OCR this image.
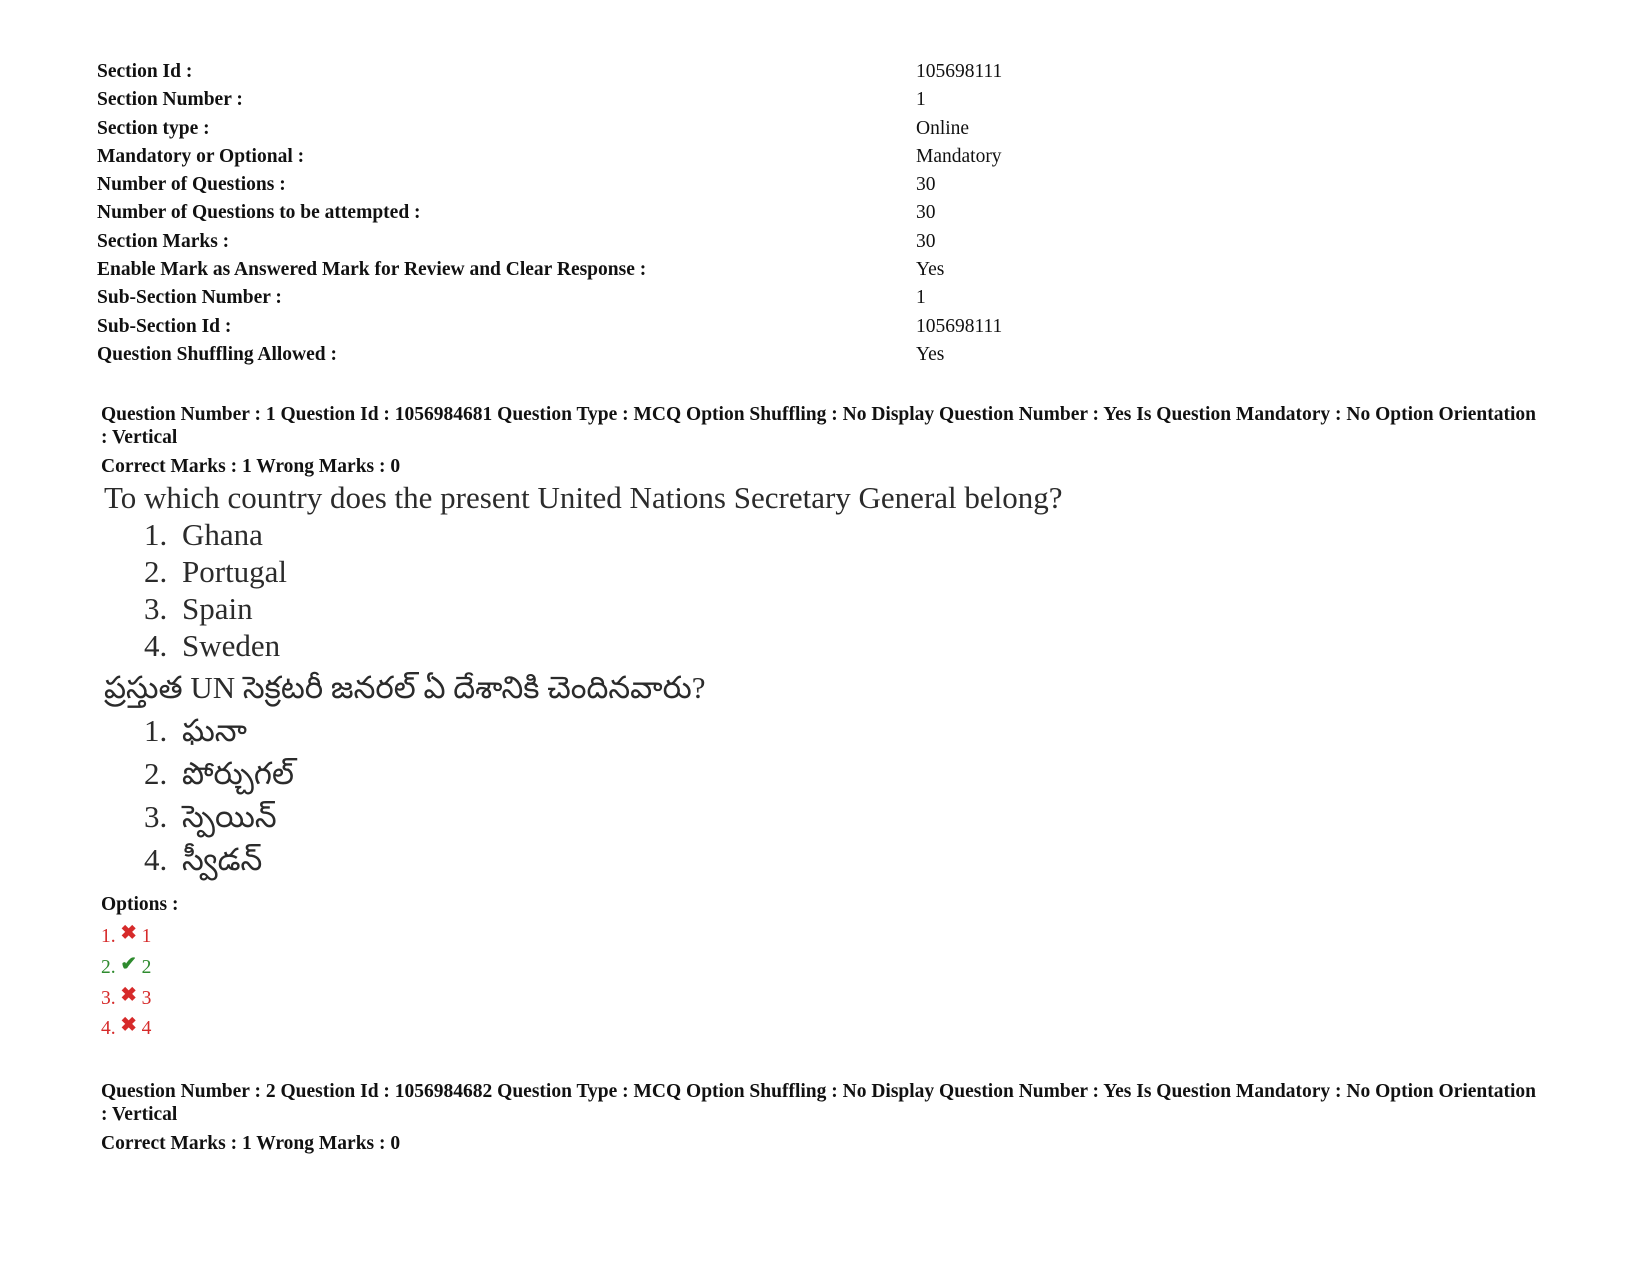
Section Id :	105698111
Section Number :	1
Section type :	Online
Mandatory or Optional :	Mandatory
Number of Questions :	30
Number of Questions to be attempted :	30
Section Marks :	30
Enable Mark as Answered Mark for Review and Clear Response :	Yes
Sub-Section Number :	1
Sub-Section Id :	105698111
Question Shuffling Allowed :	Yes
Question Number : 1 Question Id : 1056984681 Question Type : MCQ Option Shuffling : No Display Question Number : Yes Is Question Mandatory : No Option Orientation : Vertical
Correct Marks : 1 Wrong Marks : 0
To which country does the present United Nations Secretary General belong?
1. Ghana
2. Portugal
3. Spain
4. Sweden
ప్రస్తుత UN సెక్రటరీ జనరల్ ఏ దేశానికి చెందినవారు?
1. ఘనా
2. పోర్చుగల్
3. స్పెయిన్
4. స్వీడన్
Options :
1. ✖ 1
2. ✔ 2
3. ✖ 3
4. ✖ 4
Question Number : 2 Question Id : 1056984682 Question Type : MCQ Option Shuffling : No Display Question Number : Yes Is Question Mandatory : No Option Orientation : Vertical
Correct Marks : 1 Wrong Marks : 0
